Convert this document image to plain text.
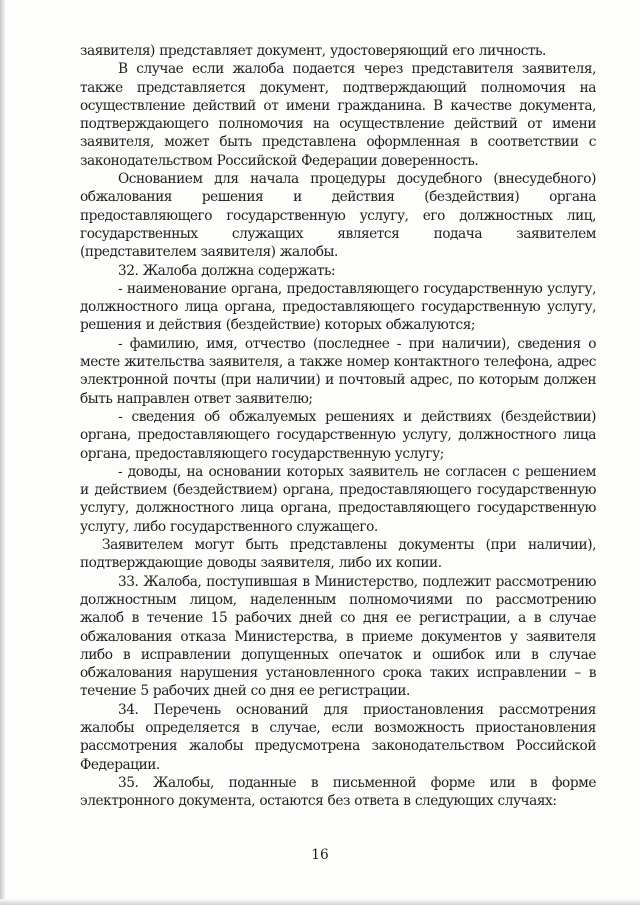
заявителя) представляет документ, удостоверяющий его личность.

В случае если жалоба подается через представителя заявителя, также представляется документ, подтверждающий полномочия на осуществление действий от имени гражданина. В качестве документа, подтверждающего полномочия на осуществление действий от имени заявителя, может быть представлена оформленная в соответствии с законодательством Российской Федерации доверенность.

Основанием для начала процедуры досудебного (внесудебного) обжалования решения и действия (бездействия) органа предоставляющего государственную услугу, его должностных лиц, государственных служащих является подача заявителем (представителем заявителя) жалобы.

32. Жалоба должна содержать:

- наименование органа, предоставляющего государственную услугу, должностного лица органа, предоставляющего государственную услугу, решения и действия (бездействие) которых обжалуются;

- фамилию, имя, отчество (последнее - при наличии), сведения о месте жительства заявителя, а также номер контактного телефона, адрес электронной почты (при наличии) и почтовый адрес, по которым должен быть направлен ответ заявителю;

- сведения об обжалуемых решениях и действиях (бездействии) органа, предоставляющего государственную услугу, должностного лица органа, предоставляющего государственную услугу;

- доводы, на основании которых заявитель не согласен с решением и действием (бездействием) органа, предоставляющего государственную услугу, должностного лица органа, предоставляющего государственную услугу, либо государственного служащего.

Заявителем могут быть представлены документы (при наличии), подтверждающие доводы заявителя, либо их копии.

33. Жалоба, поступившая в Министерство, подлежит рассмотрению должностным лицом, наделенным полномочиями по рассмотрению жалоб в течение 15 рабочих дней со дня ее регистрации, а в случае обжалования отказа Министерства, в приеме документов у заявителя либо в исправлении допущенных опечаток и ошибок или в случае обжалования нарушения установленного срока таких исправлении – в течение 5 рабочих дней со дня ее регистрации.

34. Перечень оснований для приостановления рассмотрения жалобы определяется в случае, если возможность приостановления рассмотрения жалобы предусмотрена законодательством Российской Федерации.

35. Жалобы, поданные в письменной форме или в форме электронного документа, остаются без ответа в следующих случаях:

16
